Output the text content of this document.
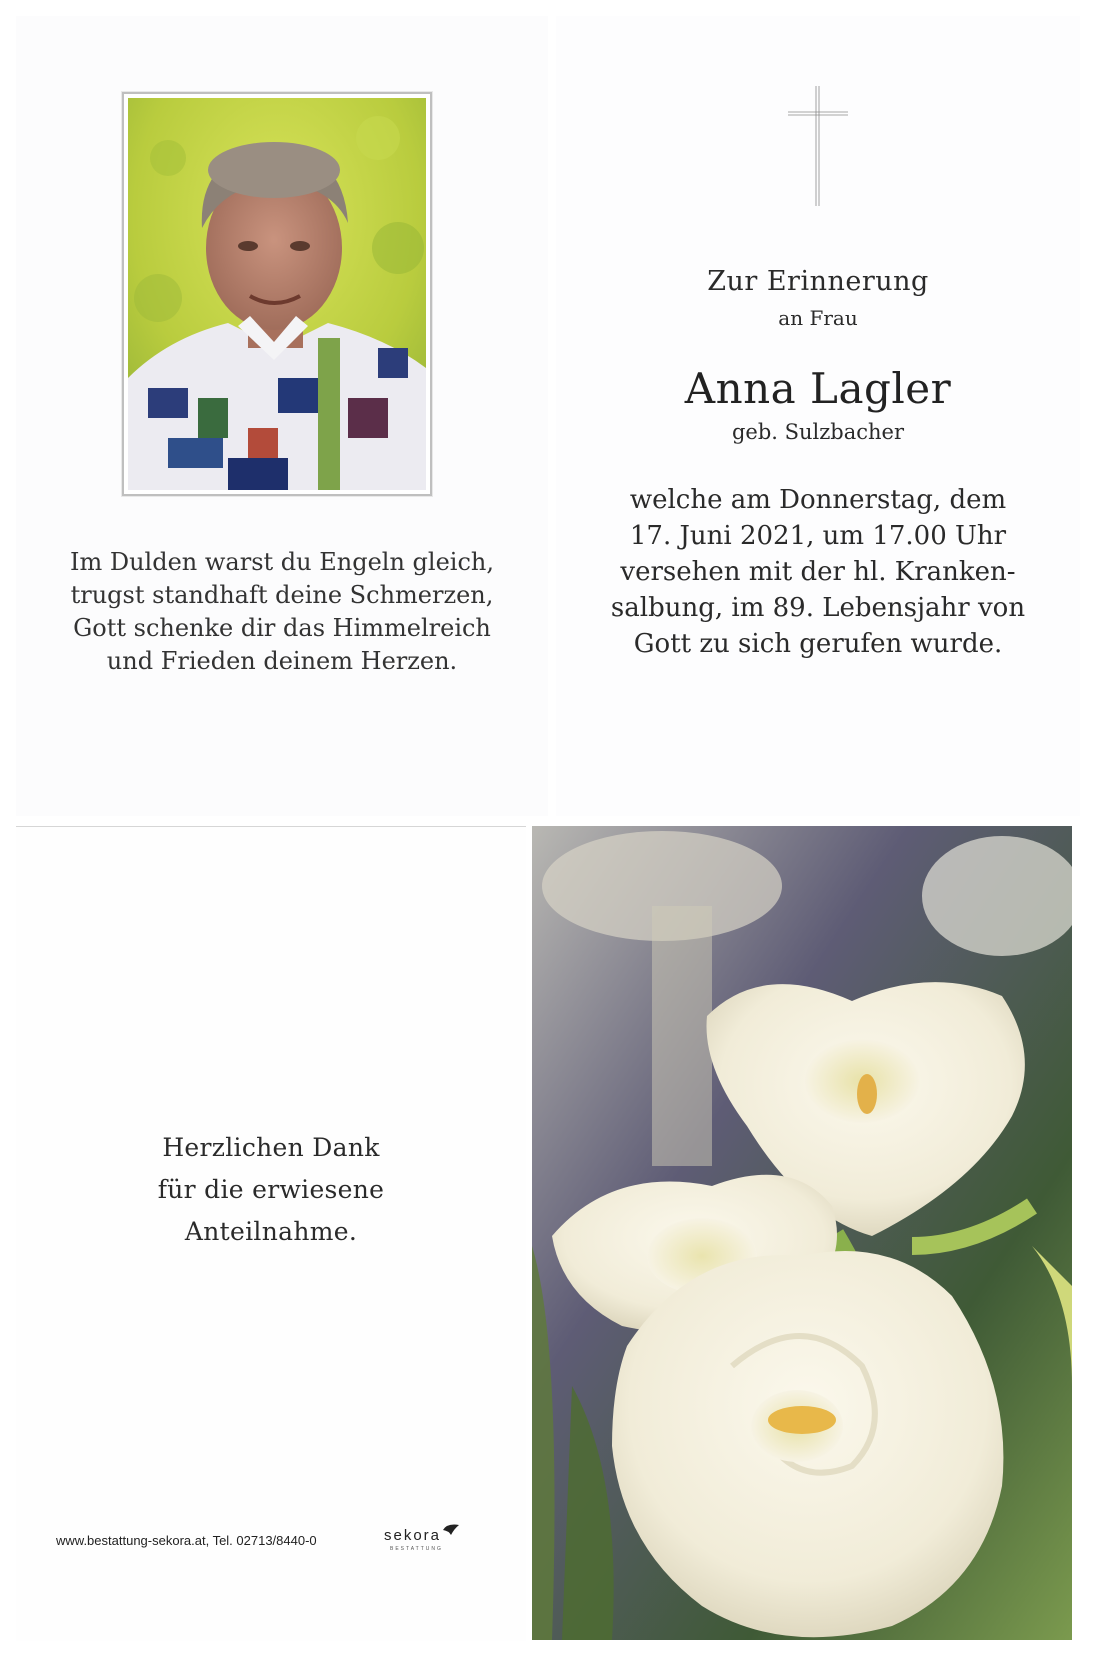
Im Dulden warst du Engeln gleich,
trugst standhaft deine Schmerzen,
Gott schenke dir das Himmelreich
und Frieden deinem Herzen.
Zur Erinnerung
an Frau
Anna Lagler
geb. Sulzbacher
welche am Donnerstag, dem
17. Juni 2021, um 17.00 Uhr
versehen mit der hl. Kranken-
salbung, im 89. Lebensjahr von
Gott zu sich gerufen wurde.
Herzlichen Dank
für die erwiesene
Anteilnahme.
www.bestattung-sekora.at, Tel. 02713/8440-0	sekora
BESTATTUNG
